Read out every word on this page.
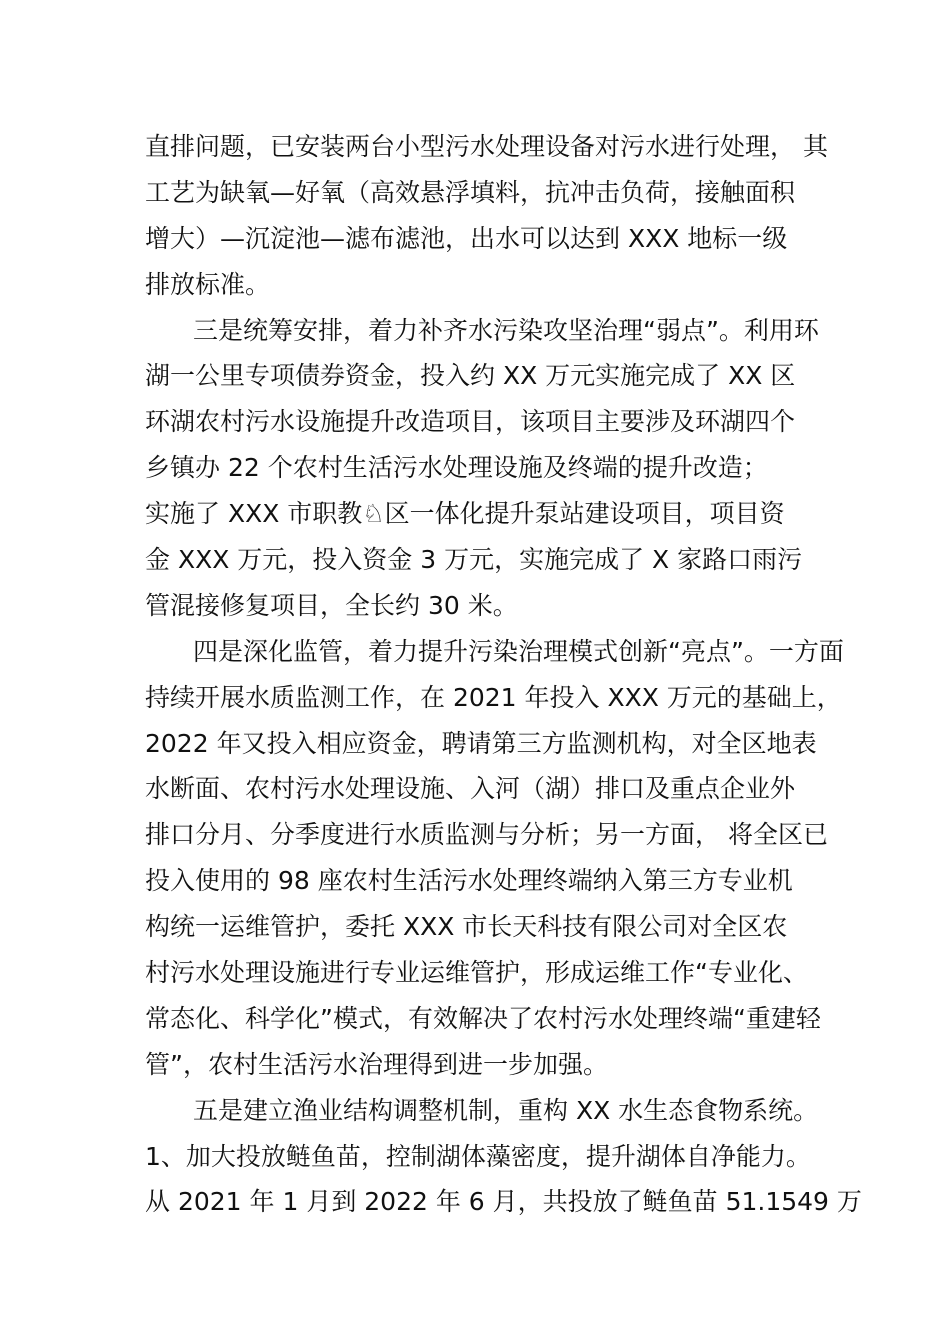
直排问题，已安装两台小型污水处理设备对污水进行处理， 其
工艺为缺氧—好氧（高效悬浮填料，抗冲击负荷，接触面积
增大）—沉淀池—滤布滤池，出水可以达到 XXX 地标一级
排放标准。
三是统筹安排，着力补齐水污染攻坚治理“弱点”。利用环
湖一公里专项债券资金，投入约 XX 万元实施完成了 XX 区
环湖农村污水设施提升改造项目，该项目主要涉及环湖四个
乡镇办 22 个农村生活污水处理设施及终端的提升改造；
实施了 XXX 市职教♘区一体化提升泵站建设项目，项目资
金 XXX 万元，投入资金 3 万元，实施完成了 X 家路口雨污
管混接修复项目，全长约 30 米。
四是深化监管，着力提升污染治理模式创新“亮点”。一方面
持续开展水质监测工作，在 2021 年投入 XXX 万元的基础上，
2022 年又投入相应资金，聘请第三方监测机构，对全区地表
水断面、农村污水处理设施、入河（湖）排口及重点企业外
排口分月、分季度进行水质监测与分析；另一方面， 将全区已
投入使用的 98 座农村生活污水处理终端纳入第三方专业机
构统一运维管护，委托 XXX 市长天科技有限公司对全区农
村污水处理设施进行专业运维管护，形成运维工作“专业化、
常态化、科学化”模式，有效解决了农村污水处理终端“重建轻
管”，农村生活污水治理得到进一步加强。
五是建立渔业结构调整机制，重构 XX 水生态食物系统。
1、加大投放鲢鱼苗，控制湖体藻密度，提升湖体自净能力。
从 2021 年 1 月到 2022 年 6 月，共投放了鲢鱼苗 51.1549 万
